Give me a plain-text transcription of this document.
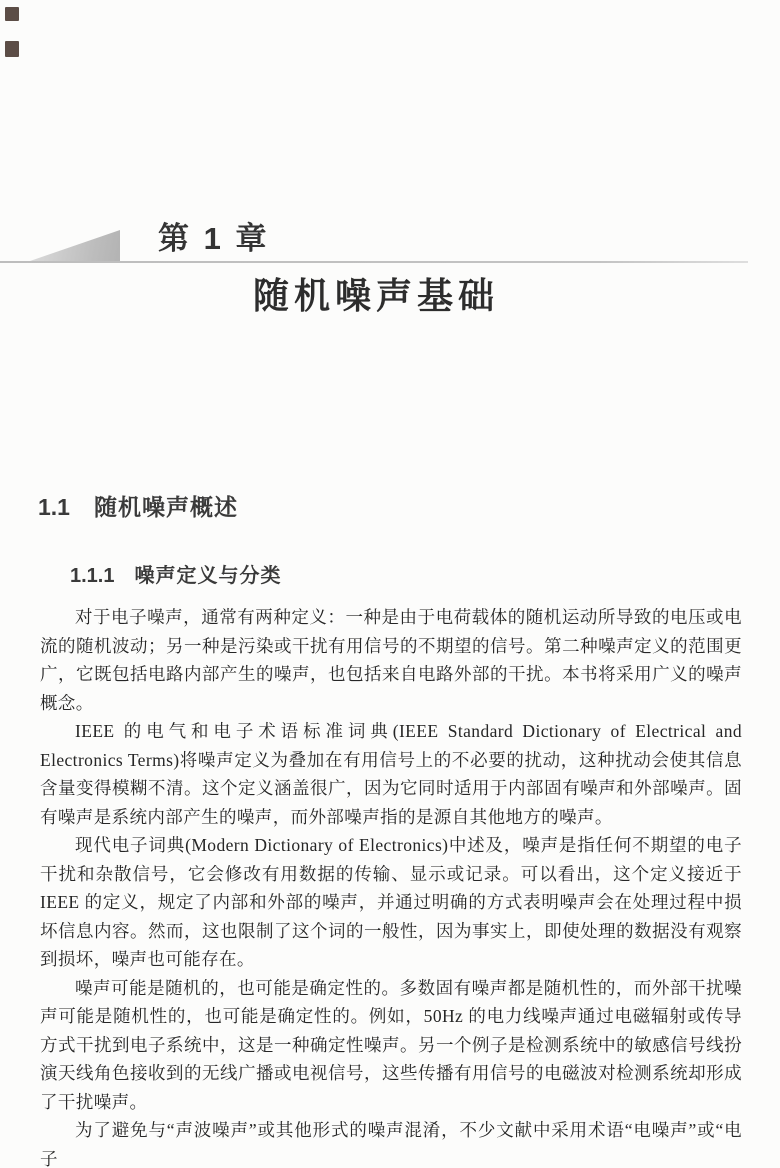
第 1 章
随机噪声基础
1.1 随机噪声概述
1.1.1 噪声定义与分类

对于电子噪声，通常有两种定义：一种是由于电荷载体的随机运动所导致的电压或电流的随机波动；另一种是污染或干扰有用信号的不期望的信号。第二种噪声定义的范围更广，它既包括电路内部产生的噪声，也包括来自电路外部的干扰。本书将采用广义的噪声概念。

IEEE 的电气和电子术语标准词典(IEEE Standard Dictionary of Electrical and Electronics Terms)将噪声定义为叠加在有用信号上的不必要的扰动，这种扰动会使其信息含量变得模糊不清。这个定义涵盖很广，因为它同时适用于内部固有噪声和外部噪声。固有噪声是系统内部产生的噪声，而外部噪声指的是源自其他地方的噪声。

现代电子词典(Modern Dictionary of Electronics)中述及，噪声是指任何不期望的电子干扰和杂散信号，它会修改有用数据的传输、显示或记录。可以看出，这个定义接近于 IEEE 的定义，规定了内部和外部的噪声，并通过明确的方式表明噪声会在处理过程中损坏信息内容。然而，这也限制了这个词的一般性，因为事实上，即使处理的数据没有观察到损坏，噪声也可能存在。

噪声可能是随机的，也可能是确定性的。多数固有噪声都是随机性的，而外部干扰噪声可能是随机性的，也可能是确定性的。例如，50Hz 的电力线噪声通过电磁辐射或传导方式干扰到电子系统中，这是一种确定性噪声。另一个例子是检测系统中的敏感信号线扮演天线角色接收到的无线广播或电视信号，这些传播有用信号的电磁波对检测系统却形成了干扰噪声。

为了避免与“声波噪声”或其他形式的噪声混淆，不少文献中采用术语“电噪声”或“电子
